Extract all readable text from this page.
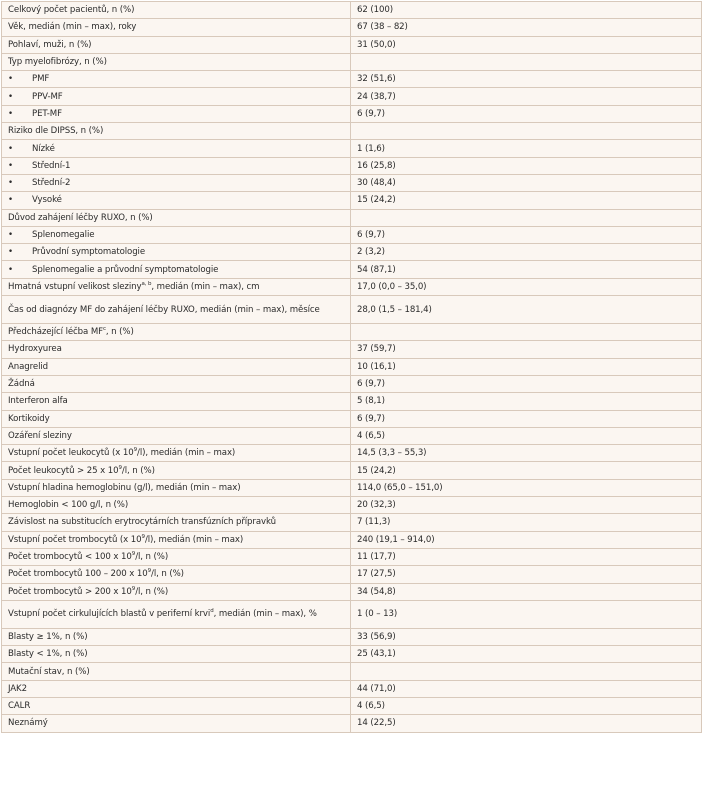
Celkový počet pacientů, n (%)	62 (100)
Věk, medián (min – max), roky	67 (38 – 82)
Pohlaví, muži, n (%)	31 (50,0)
Typ myelofibrózy, n (%)	
• PMF	32 (51,6)
• PPV-MF	24 (38,7)
• PET-MF	6 (9,7)
Riziko dle DIPSS, n (%)	
• Nízké	1 (1,6)
• Střední-1	16 (25,8)
• Střední-2	30 (48,4)
• Vysoké	15 (24,2)
Důvod zahájení léčby RUXO, n (%)	
• Splenomegalie	6 (9,7)
• Průvodní symptomatologie	2 (3,2)
• Splenomegalie a průvodní symptomatologie	54 (87,1)
Hmatná vstupní velikost sleziny$^{a, b}$, medián (min – max), cm	17,0 (0,0 – 35,0)
Čas od diagnózy MF do zahájení léčby RUXO, medián (min – max), měsíce	28,0 (1,5 – 181,4)
Předcházející léčba $MF^c$, n (%)	
Hydroxyurea	37 (59,7)
Anagrelid	10 (16,1)
Žádná	6 (9,7)
Interferon alfa	5 (8,1)
Kortikoidy	6 (9,7)
Ozáření sleziny	4 (6,5)
Vstupní počet leukocytů (x $10^9/l$), medián (min – max)	14,5 (3,3 – 55,3)
Počet leukocytů > 25 x $10^9/l$, n (%)	15 (24,2)
Vstupní hladina hemoglobinu (g/l), medián (min – max)	114,0 (65,0 – 151,0)
Hemoglobin < 100 g/l, n (%)	20 (32,3)
Závislost na substitucích erytrocytárních transfúzních přípravků	7 (11,3)
Vstupní počet trombocytů (x $10^9/l$), medián (min – max)	240 (19,1 – 914,0)
Počet trombocytů < 100 x $10^9/l$, n (%)	11 (17,7)
Počet trombocytů 100 – 200 x $10^9/l$, n (%)	17 (27,5)
Počet trombocytů > 200 x $10^9/l$, n (%)	34 (54,8)
Vstupní počet cirkulujících blastů v periferní krvi$^d$, medián (min – max), %	1 (0 – 13)
Blasty ≥ 1%, n (%)	33 (56,9)
Blasty < 1%, n (%)	25 (43,1)
Mutační stav, n (%)	
JAK2	44 (71,0)
CALR	4 (6,5)
Neznámý	14 (22,5)
